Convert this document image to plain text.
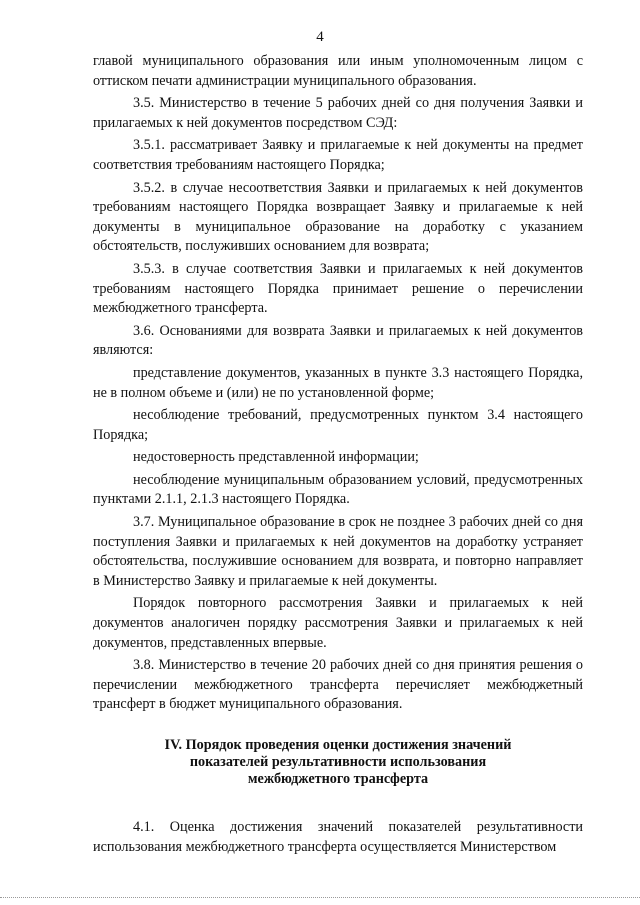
4

главой муниципального образования или иным уполномоченным лицом с оттиском печати администрации муниципального образования.

3.5. Министерство в течение 5 рабочих дней со дня получения Заявки и прилагаемых к ней документов посредством СЭД:

3.5.1. рассматривает Заявку и прилагаемые к ней документы на предмет соответствия требованиям настоящего Порядка;

3.5.2. в случае несоответствия Заявки и прилагаемых к ней документов требованиям настоящего Порядка возвращает Заявку и прилагаемые к ней документы в муниципальное образование на доработку с указанием обстоятельств, послуживших основанием для возврата;

3.5.3. в случае соответствия Заявки и прилагаемых к ней документов требованиям настоящего Порядка принимает решение о перечислении межбюджетного трансферта.

3.6. Основаниями для возврата Заявки и прилагаемых к ней документов являются:

представление документов, указанных в пункте 3.3 настоящего Порядка, не в полном объеме и (или) не по установленной форме;

несоблюдение требований, предусмотренных пунктом 3.4 настоящего Порядка;

недостоверность представленной информации;

несоблюдение муниципальным образованием условий, предусмотренных пунктами 2.1.1, 2.1.3 настоящего Порядка.

3.7. Муниципальное образование в срок не позднее 3 рабочих дней со дня поступления Заявки и прилагаемых к ней документов на доработку устраняет обстоятельства, послужившие основанием для возврата, и повторно направляет в Министерство Заявку и прилагаемые к ней документы.

Порядок повторного рассмотрения Заявки и прилагаемых к ней документов аналогичен порядку рассмотрения Заявки и прилагаемых к ней документов, представленных впервые.

3.8. Министерство в течение 20 рабочих дней со дня принятия решения о перечислении межбюджетного трансферта перечисляет межбюджетный трансферт в бюджет муниципального образования.

IV. Порядок проведения оценки достижения значений
показателей результативности использования
межбюджетного трансферта

4.1. Оценка достижения значений показателей результативности использования межбюджетного трансферта осуществляется Министерством
